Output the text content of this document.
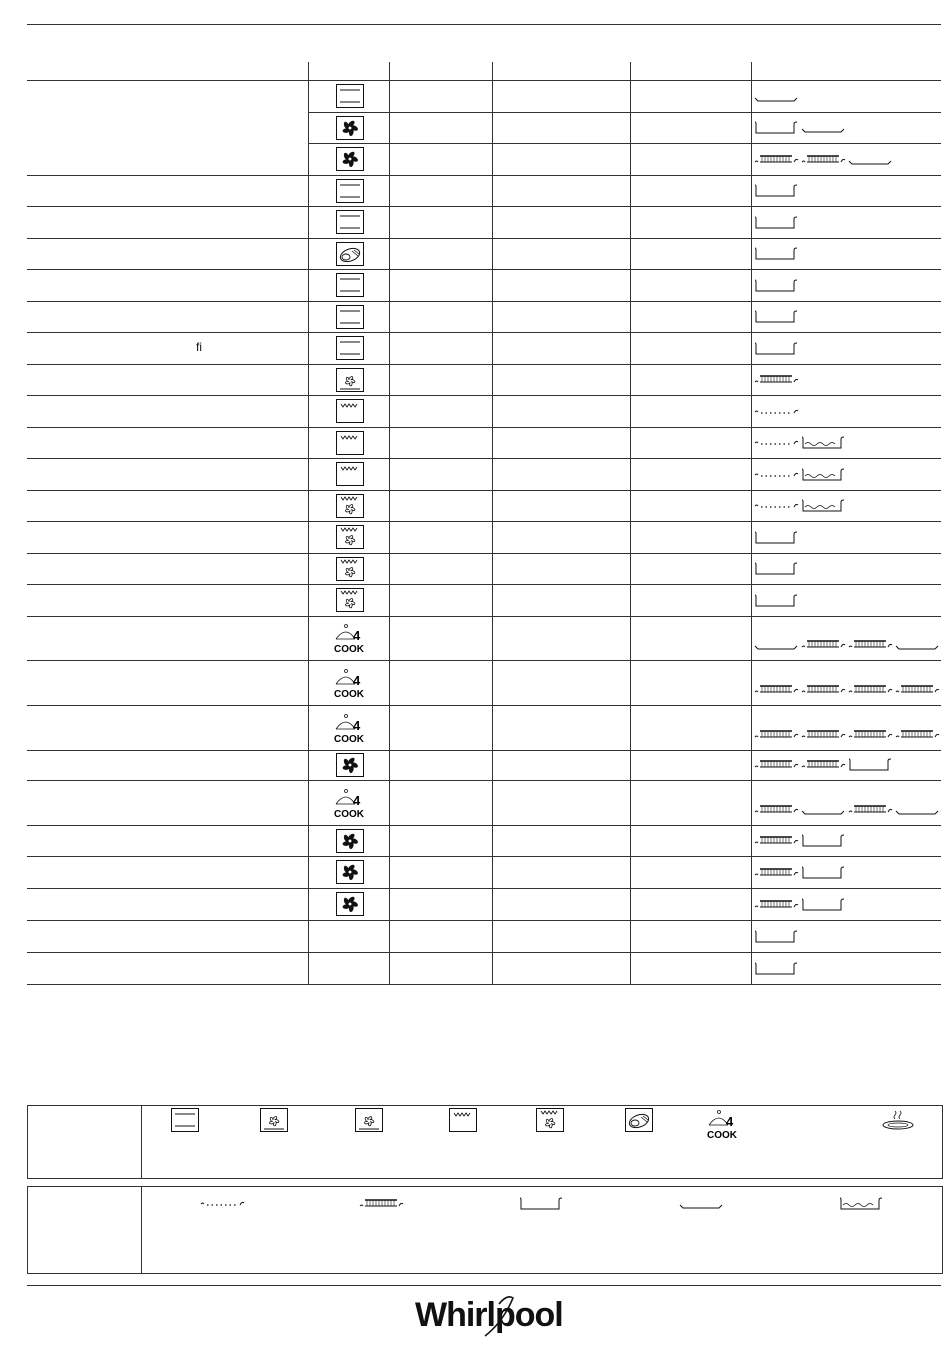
4
COOK
4
COOK
4
COOK
4
COOK
ﬁ
4
COOK
Whirlpool
